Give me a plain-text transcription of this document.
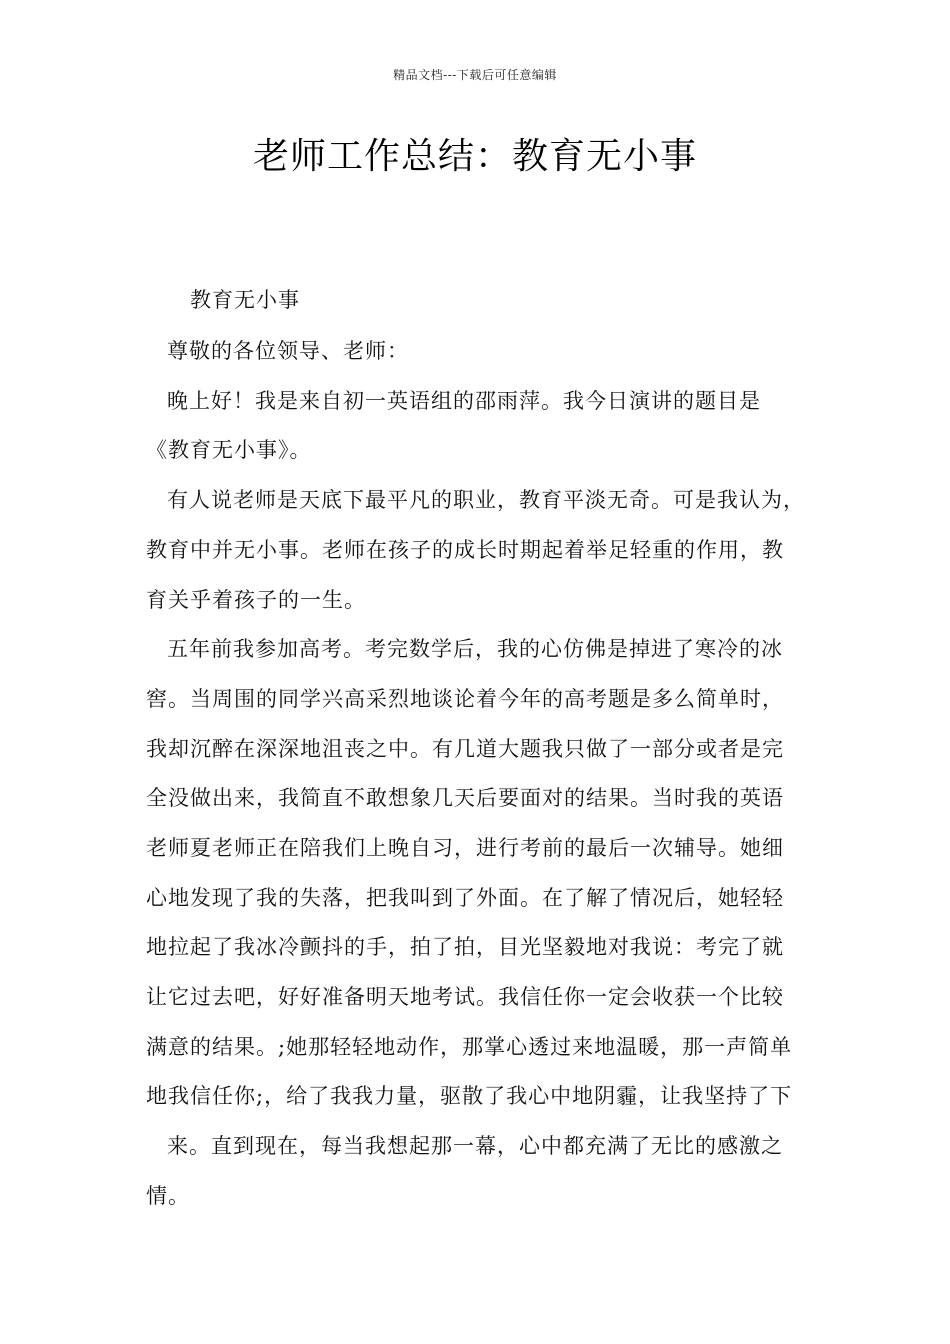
精品文档---下载后可任意编辑
老师工作总结：教育无小事
教育无小事
尊敬的各位领导、老师：
晚上好！我是来自初一英语组的邵雨萍。我今日演讲的题目是
《教育无小事》。
有人说老师是天底下最平凡的职业，教育平淡无奇。可是我认为，
教育中并无小事。老师在孩子的成长时期起着举足轻重的作用，教
育关乎着孩子的一生。
五年前我参加高考。考完数学后，我的心仿佛是掉进了寒冷的冰
窖。当周围的同学兴高采烈地谈论着今年的高考题是多么简单时，
我却沉醉在深深地沮丧之中。有几道大题我只做了一部分或者是完
全没做出来，我简直不敢想象几天后要面对的结果。当时我的英语
老师夏老师正在陪我们上晚自习，进行考前的最后一次辅导。她细
心地发现了我的失落，把我叫到了外面。在了解了情况后，她轻轻
地拉起了我冰冷颤抖的手，拍了拍，目光坚毅地对我说：考完了就
让它过去吧，好好准备明天地考试。我信任你一定会收获一个比较
满意的结果。;她那轻轻地动作，那掌心透过来地温暖，那一声简单
地我信任你;，给了我我力量，驱散了我心中地阴霾，让我坚持了下
来。直到现在，每当我想起那一幕，心中都充满了无比的感激之
情。
